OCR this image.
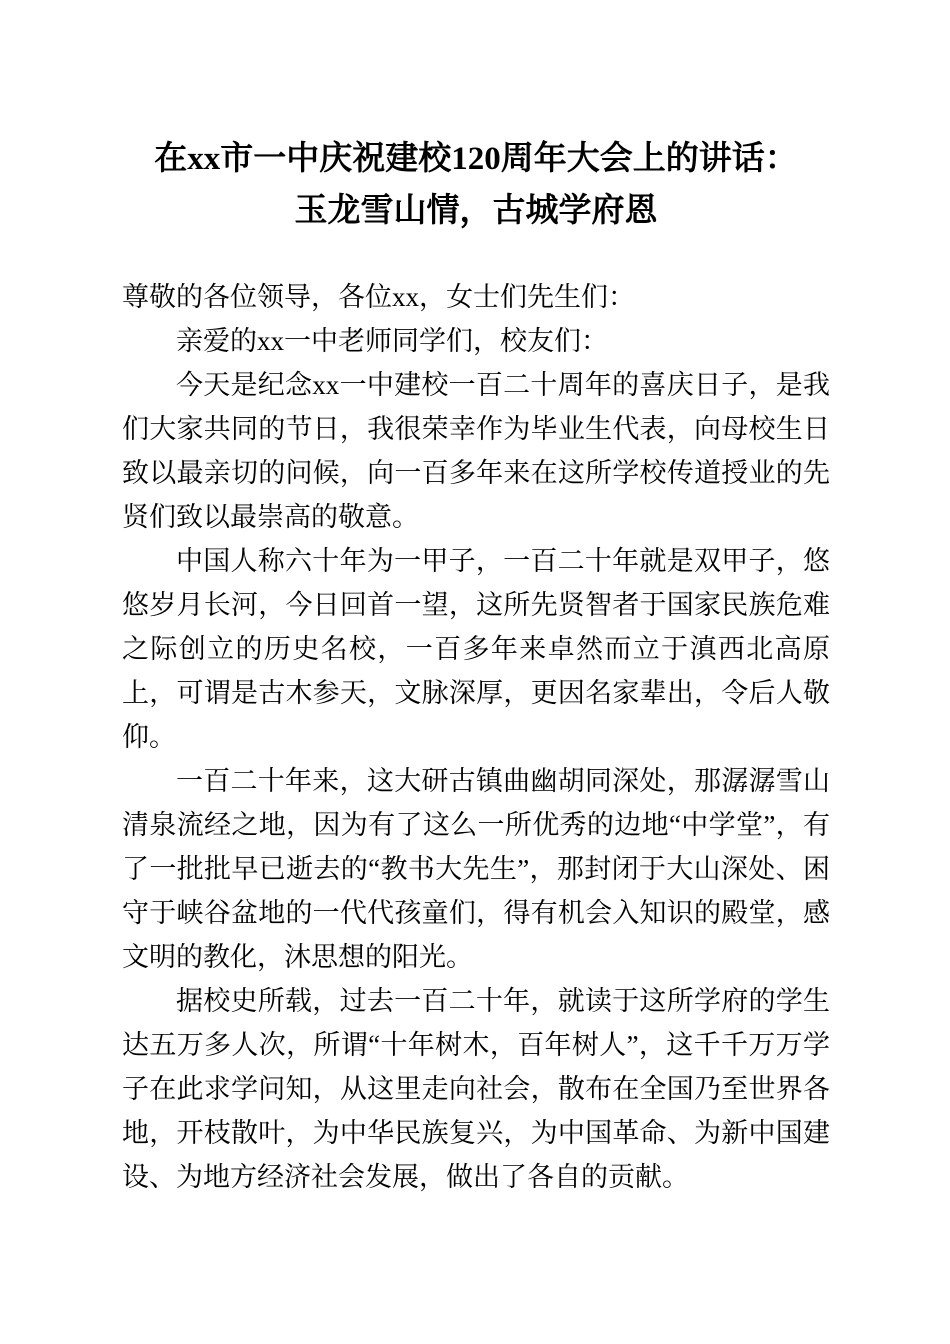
在xx市一中庆祝建校120周年大会上的讲话：
玉龙雪山情，古城学府恩

尊敬的各位领导，各位xx，女士们先生们：

亲爱的xx一中老师同学们，校友们：

今天是纪念xx一中建校一百二十周年的喜庆日子，是我们大家共同的节日，我很荣幸作为毕业生代表，向母校生日致以最亲切的问候，向一百多年来在这所学校传道授业的先贤们致以最崇高的敬意。

中国人称六十年为一甲子，一百二十年就是双甲子，悠悠岁月长河，今日回首一望，这所先贤智者于国家民族危难之际创立的历史名校，一百多年来卓然而立于滇西北高原上，可谓是古木参天，文脉深厚，更因名家辈出，令后人敬仰。

一百二十年来，这大研古镇曲幽胡同深处，那潺潺雪山清泉流经之地，因为有了这么一所优秀的边地“中学堂”，有了一批批早已逝去的“教书大先生”，那封闭于大山深处、困守于峡谷盆地的一代代孩童们，得有机会入知识的殿堂，感文明的教化，沐思想的阳光。

据校史所载，过去一百二十年，就读于这所学府的学生达五万多人次，所谓“十年树木，百年树人”，这千千万万学子在此求学问知，从这里走向社会，散布在全国乃至世界各地，开枝散叶，为中华民族复兴，为中国革命、为新中国建设、为地方经济社会发展，做出了各自的贡献。
